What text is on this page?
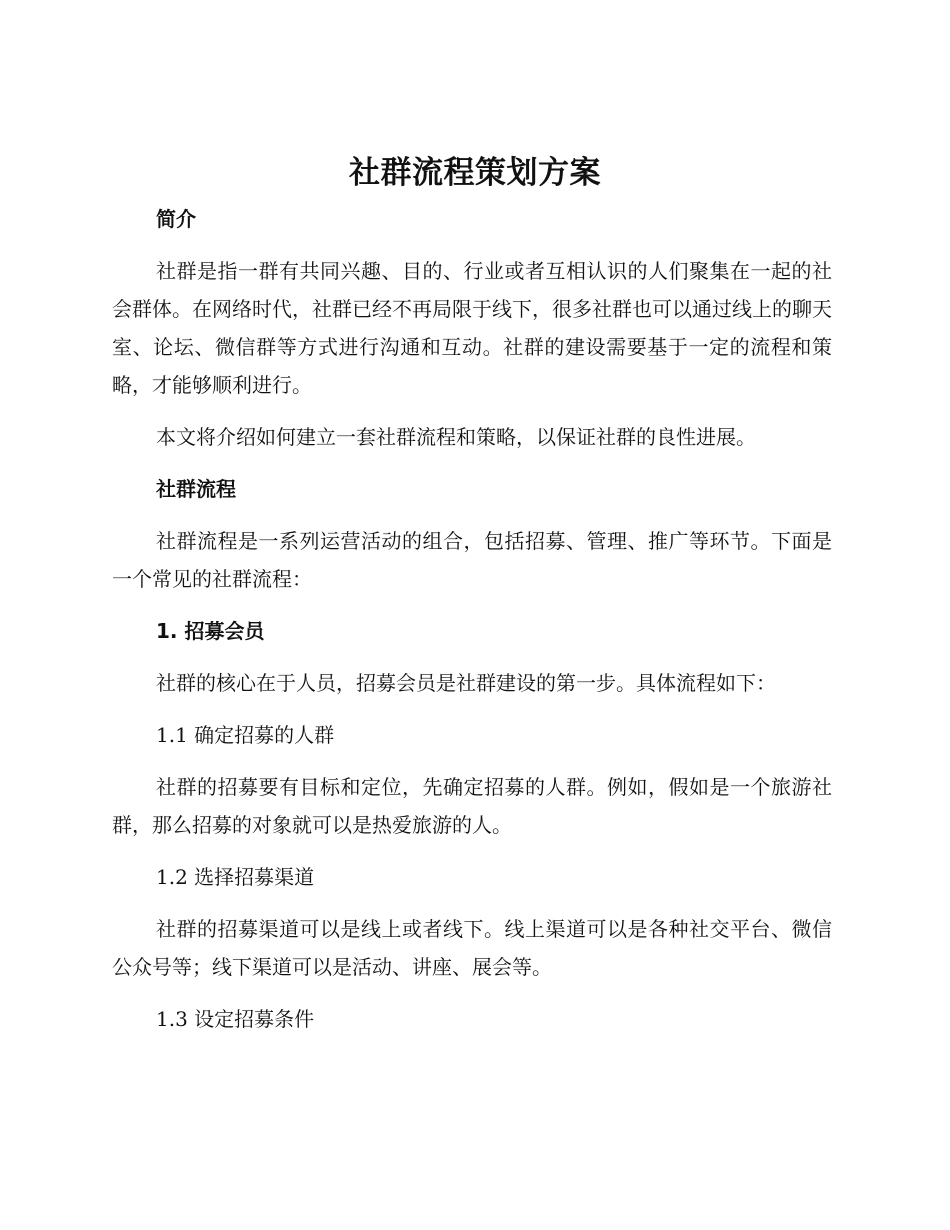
社群流程策划方案
简介

社群是指一群有共同兴趣、目的、行业或者互相认识的人们聚集在一起的社会群体。在网络时代，社群已经不再局限于线下，很多社群也可以通过线上的聊天室、论坛、微信群等方式进行沟通和互动。社群的建设需要基于一定的流程和策略，才能够顺利进行。

本文将介绍如何建立一套社群流程和策略，以保证社群的良性进展。

社群流程

社群流程是一系列运营活动的组合，包括招募、管理、推广等环节。下面是一个常见的社群流程：

1. 招募会员

社群的核心在于人员，招募会员是社群建设的第一步。具体流程如下：

1.1 确定招募的人群

社群的招募要有目标和定位，先确定招募的人群。例如，假如是一个旅游社群，那么招募的对象就可以是热爱旅游的人。

1.2 选择招募渠道

社群的招募渠道可以是线上或者线下。线上渠道可以是各种社交平台、微信公众号等；线下渠道可以是活动、讲座、展会等。

1.3 设定招募条件
